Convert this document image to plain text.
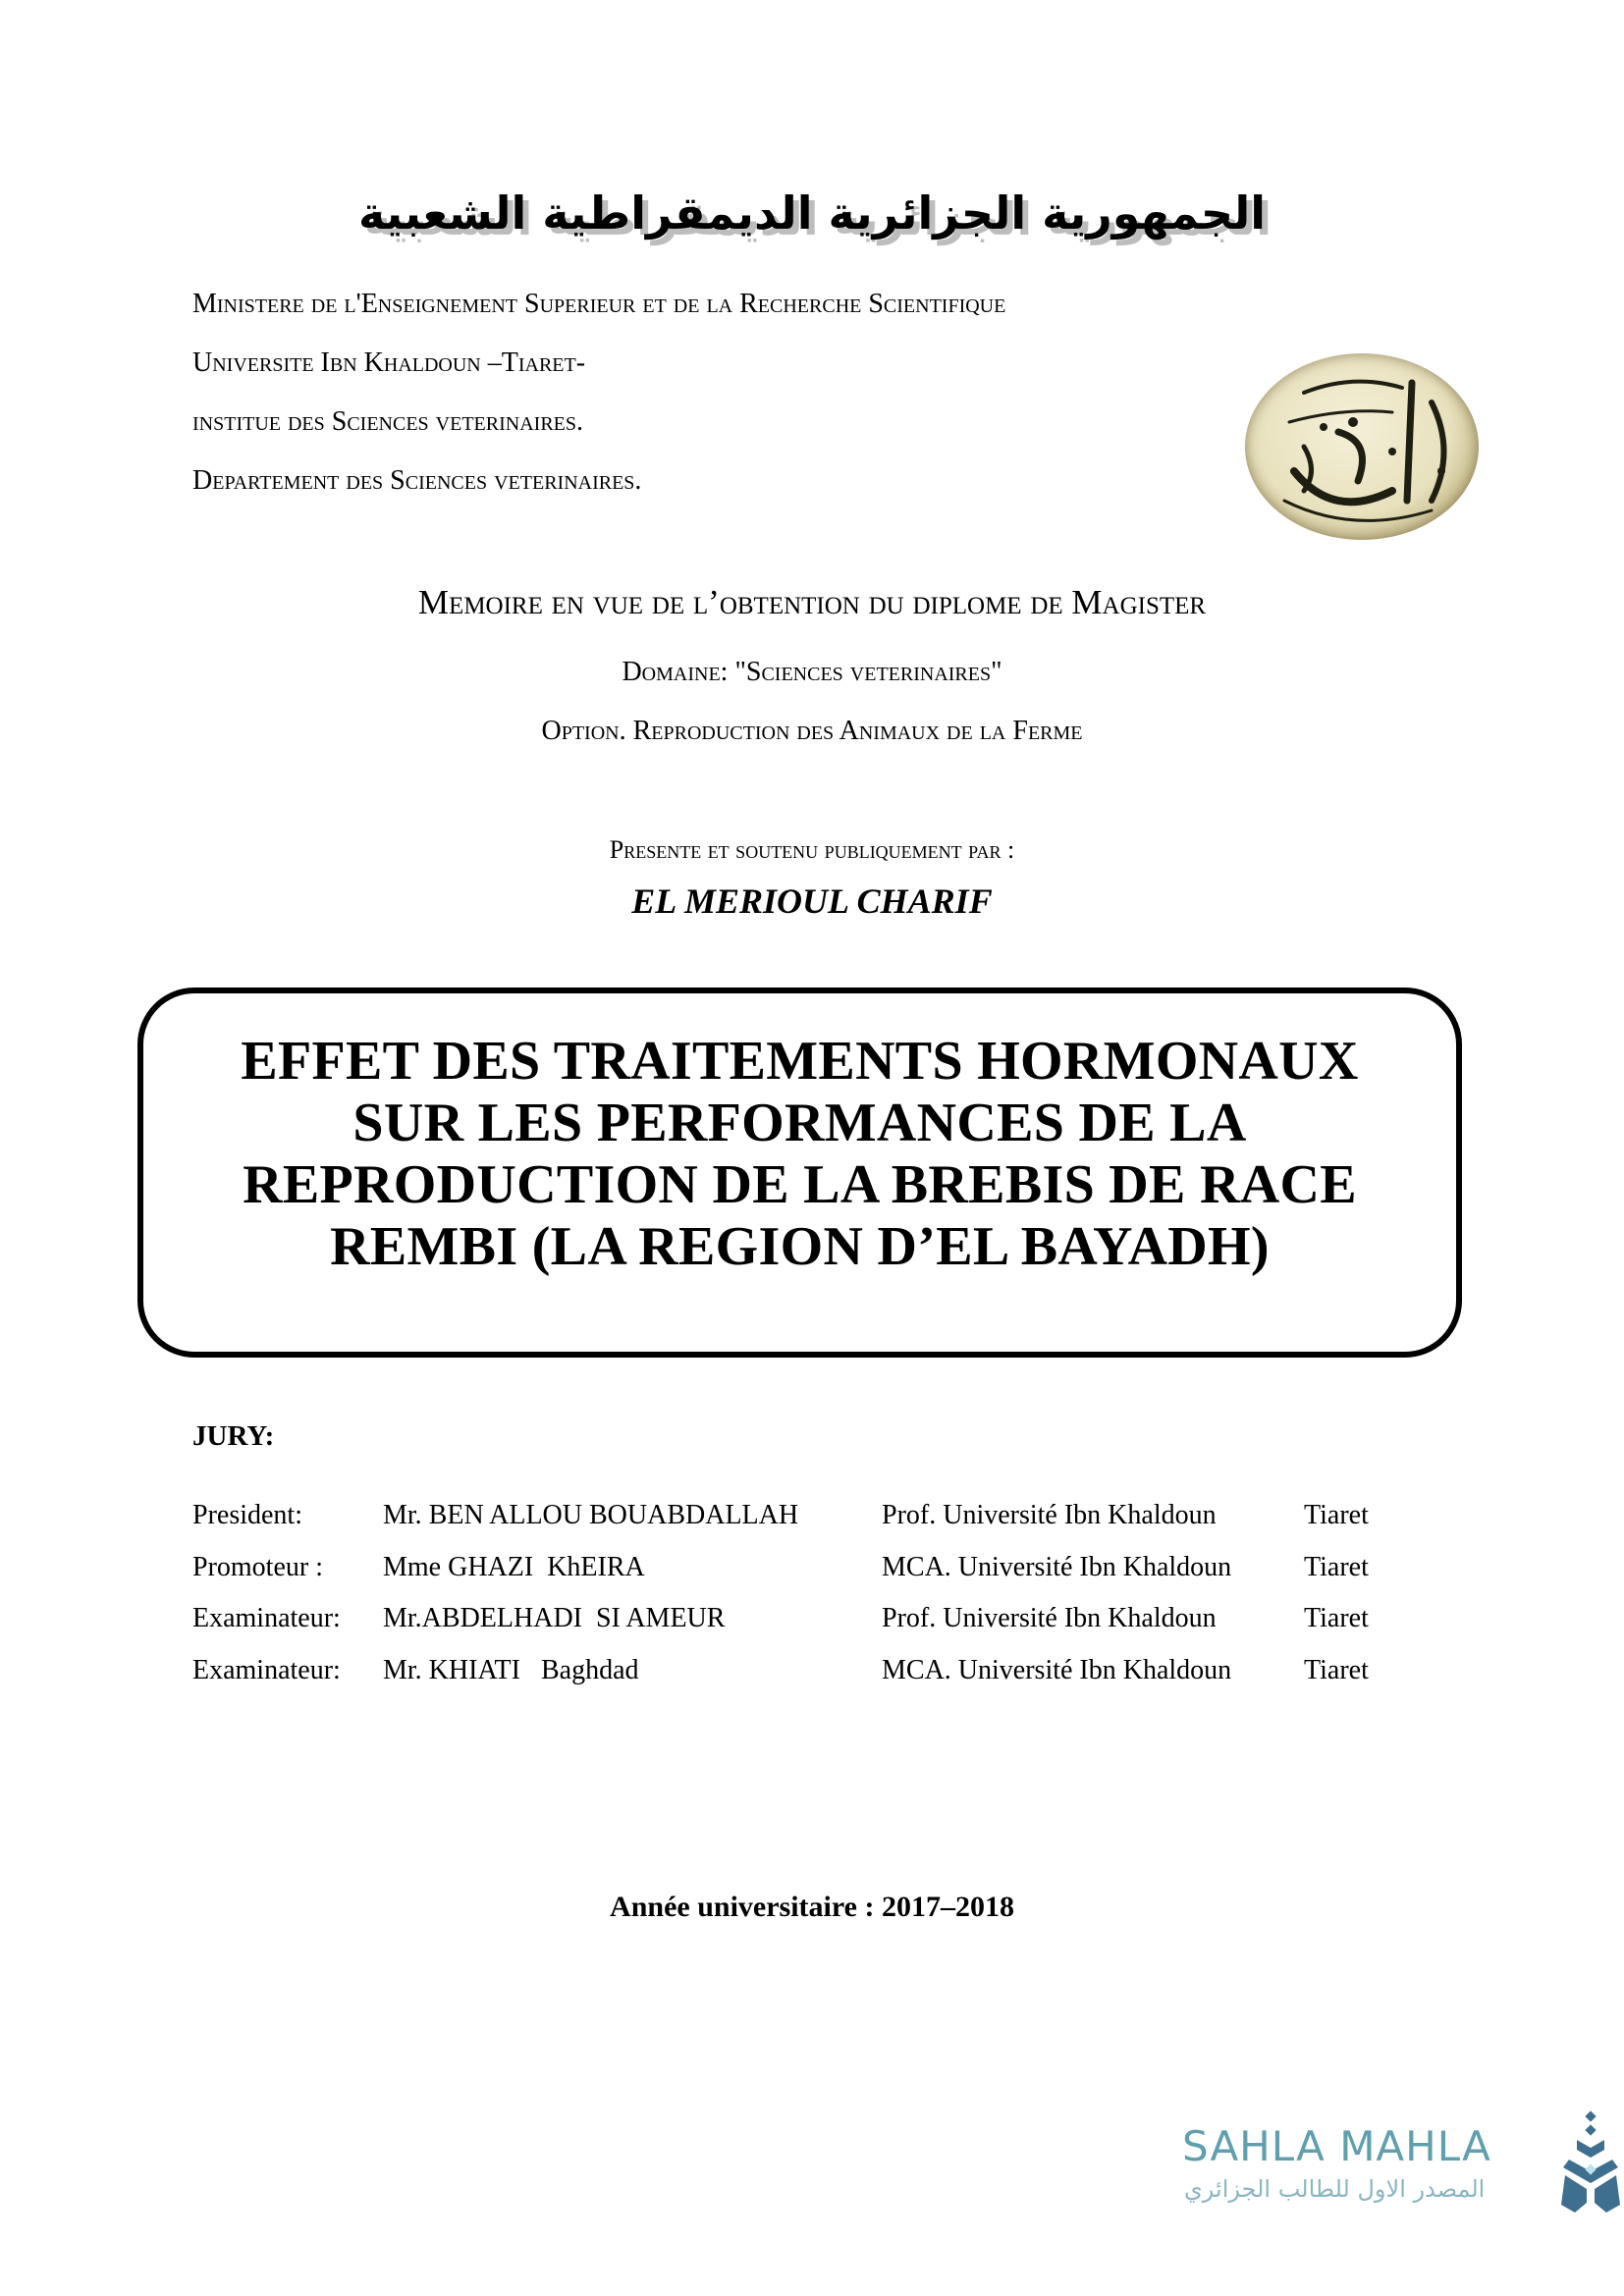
الجمهورية الجزائرية الديمقراطية الشعبية
Ministere de l'Enseignement Superieur et de la Recherche Scientifique
Universite Ibn Khaldoun –Tiaret-
institue des Sciences veterinaires.
Departement des Sciences veterinaires.
Memoire en vue de l’obtention du diplome de Magister
Domaine: "Sciences veterinaires"
Option. Reproduction des Animaux de la Ferme
Presente et soutenu publiquement par :
EL MERIOUL CHARIF
EFFET DES TRAITEMENTS HORMONAUX
SUR LES PERFORMANCES DE LA
REPRODUCTION DE LA BREBIS DE RACE
REMBI (LA REGION D’EL BAYADH)
JURY:
President:	Mr. BEN ALLOU BOUABDALLAH	Prof. Université Ibn Khaldoun	Tiaret
Promoteur : Mme GHAZI  KhEIRA	MCA. Université Ibn Khaldoun	Tiaret
Examinateur: Mr.ABDELHADI  SI AMEUR	Prof. Université Ibn Khaldoun	Tiaret
Examinateur: Mr. KHIATI   Baghdad	MCA. Université Ibn Khaldoun	Tiaret
Année universitaire : 2017–2018
SAHLA MAHLA
المصدر الاول للطالب الجزائري
